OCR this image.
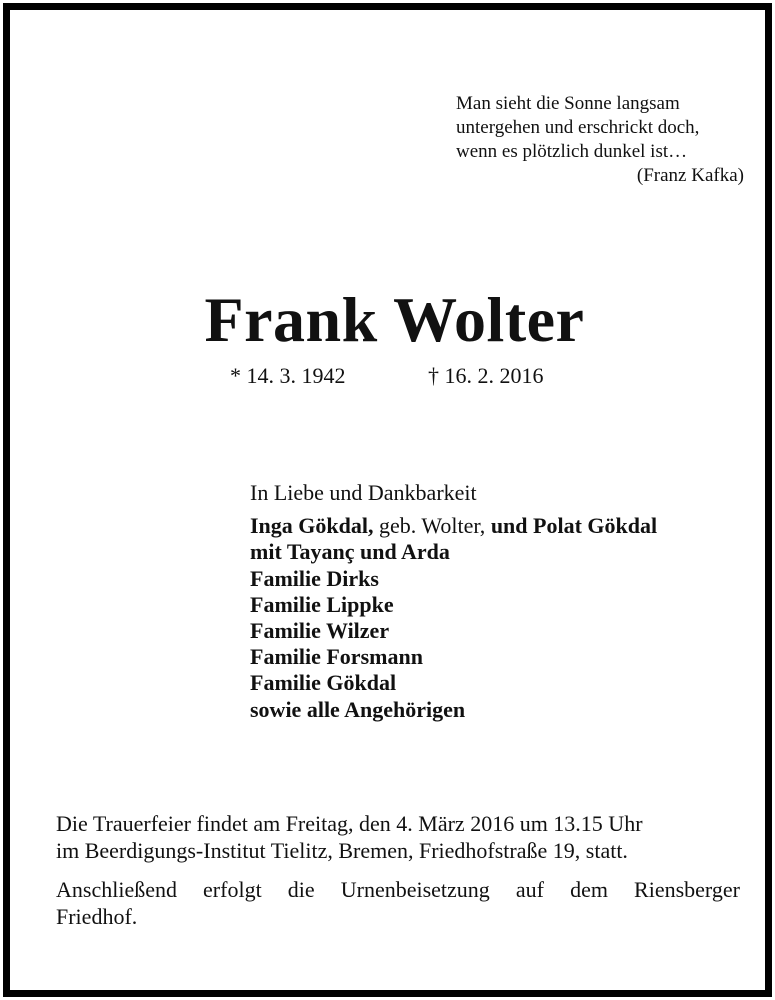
Man sieht die Sonne langsam
untergehen und erschrickt doch,
wenn es plötzlich dunkel ist…
(Franz Kafka)
Frank Wolter
* 14. 3. 1942	† 16. 2. 2016
In Liebe und Dankbarkeit
Inga Gökdal, geb. Wolter, und Polat Gökdal
mit Tayanç und Arda
Familie Dirks
Familie Lippke
Familie Wilzer
Familie Forsmann
Familie Gökdal
sowie alle Angehörigen
Die Trauerfeier findet am Freitag, den 4. März 2016 um 13.15 Uhr
im Beerdigungs-Institut Tielitz, Bremen, Friedhofstraße 19, statt.
Anschließend erfolgt die Urnenbeisetzung auf dem Riensberger
Friedhof.
